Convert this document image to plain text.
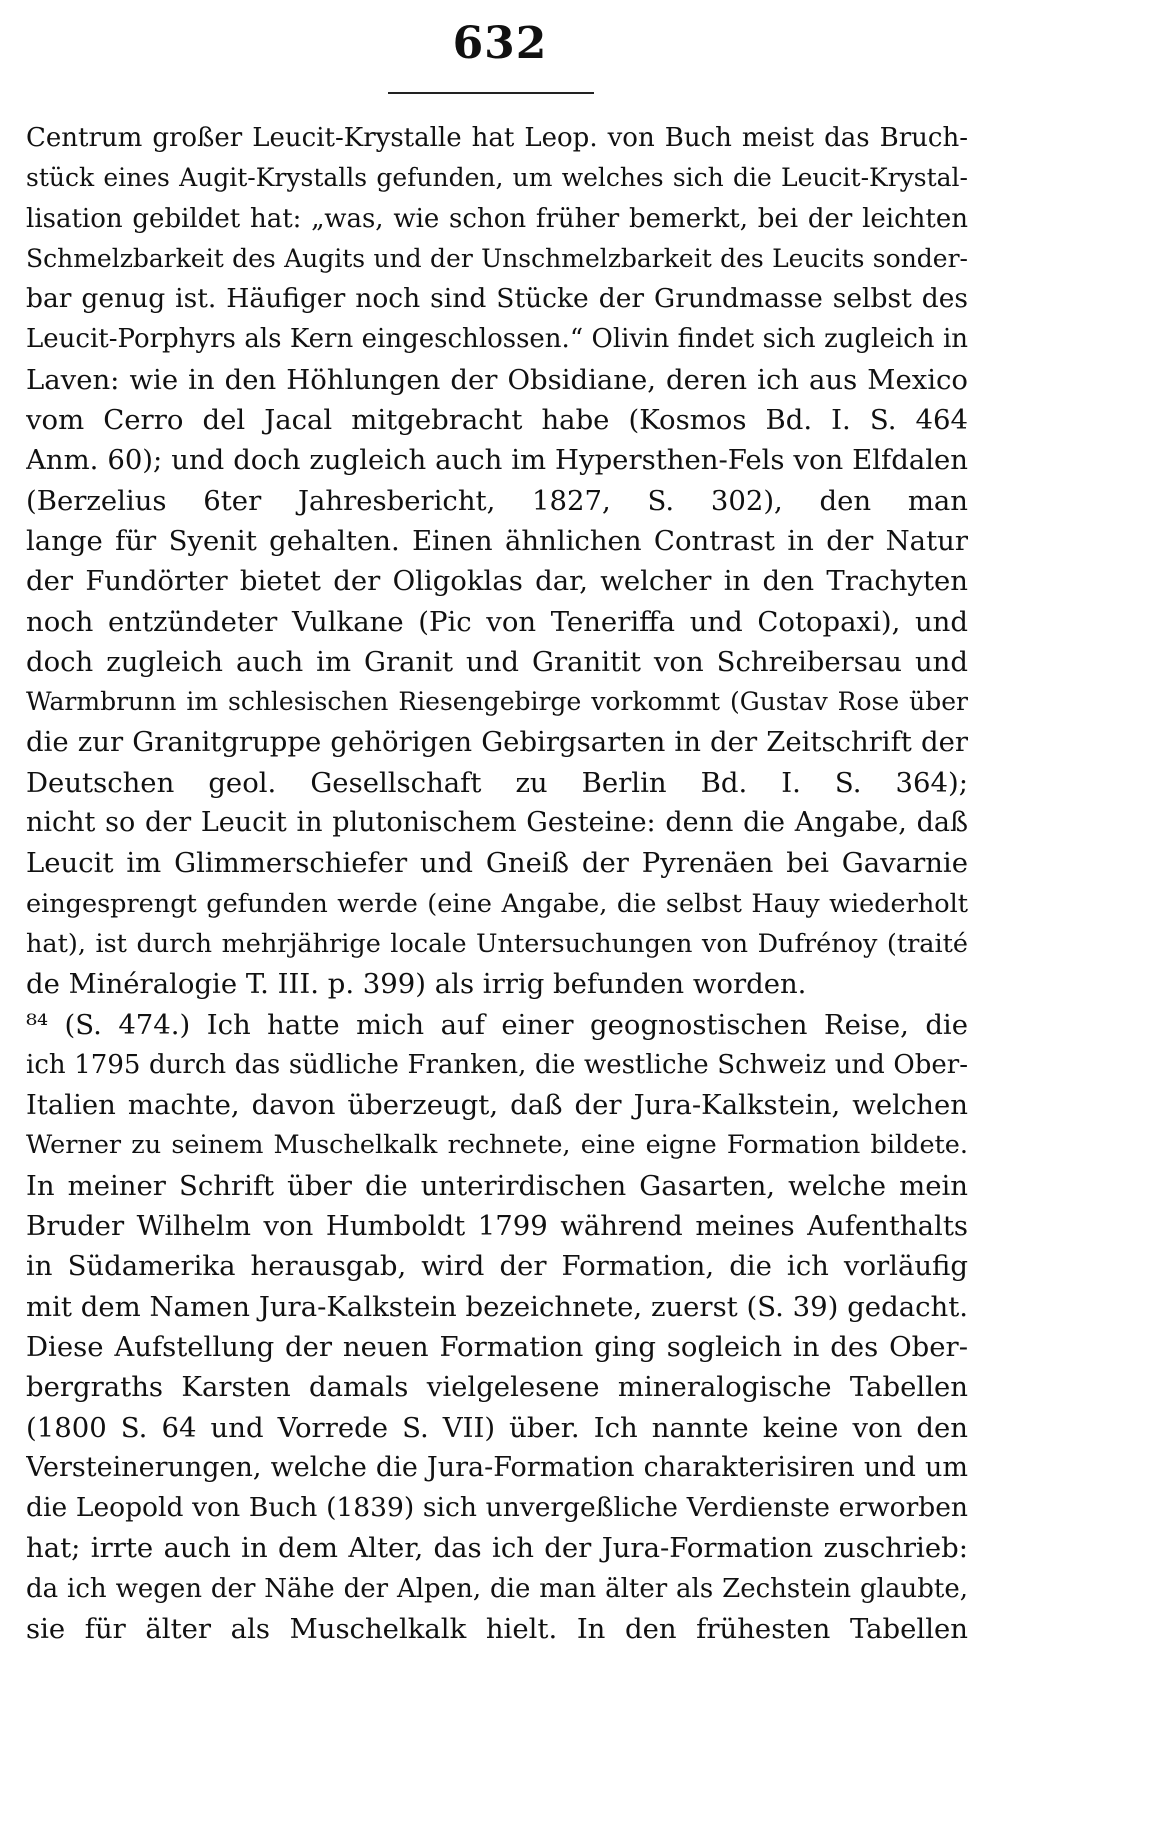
632
Centrum großer Leucit-Krystalle hat Leop. von Buch meist das Bruch-
stück eines Augit-Krystalls gefunden, um welches sich die Leucit-Krystal-
lisation gebildet hat: „was, wie schon früher bemerkt, bei der leichten
Schmelzbarkeit des Augits und der Unschmelzbarkeit des Leucits sonder-
bar genug ist. Häufiger noch sind Stücke der Grundmasse selbst des
Leucit-Porphyrs als Kern eingeschlossen.“ Olivin findet sich zugleich in
Laven: wie in den Höhlungen der Obsidiane, deren ich aus Mexico
vom Cerro del Jacal mitgebracht habe (Kosmos Bd. I. S. 464
Anm. 60); und doch zugleich auch im Hypersthen-Fels von Elfdalen
(Berzelius 6ter Jahresbericht, 1827, S. 302), den man
lange für Syenit gehalten. Einen ähnlichen Contrast in der Natur
der Fundörter bietet der Oligoklas dar, welcher in den Trachyten
noch entzündeter Vulkane (Pic von Teneriffa und Cotopaxi), und
doch zugleich auch im Granit und Granitit von Schreibersau und
Warmbrunn im schlesischen Riesengebirge vorkommt (Gustav Rose über
die zur Granitgruppe gehörigen Gebirgsarten in der Zeitschrift der
Deutschen geol. Gesellschaft zu Berlin Bd. I. S. 364);
nicht so der Leucit in plutonischem Gesteine: denn die Angabe, daß
Leucit im Glimmerschiefer und Gneiß der Pyrenäen bei Gavarnie
eingesprengt gefunden werde (eine Angabe, die selbst Hauy wiederholt
hat), ist durch mehrjährige locale Untersuchungen von Dufrénoy (traité
de Minéralogie T. III. p. 399) als irrig befunden worden.
⁸⁴ (S. 474.) Ich hatte mich auf einer geognostischen Reise, die
ich 1795 durch das südliche Franken, die westliche Schweiz und Ober-
Italien machte, davon überzeugt, daß der Jura-Kalkstein, welchen
Werner zu seinem Muschelkalk rechnete, eine eigne Formation bildete.
In meiner Schrift über die unterirdischen Gasarten, welche mein
Bruder Wilhelm von Humboldt 1799 während meines Aufenthalts
in Südamerika herausgab, wird der Formation, die ich vorläufig
mit dem Namen Jura-Kalkstein bezeichnete, zuerst (S. 39) gedacht.
Diese Aufstellung der neuen Formation ging sogleich in des Ober-
bergraths Karsten damals vielgelesene mineralogische Tabellen
(1800 S. 64 und Vorrede S. VII) über. Ich nannte keine von den
Versteinerungen, welche die Jura-Formation charakterisiren und um
die Leopold von Buch (1839) sich unvergeßliche Verdienste erworben
hat; irrte auch in dem Alter, das ich der Jura-Formation zuschrieb:
da ich wegen der Nähe der Alpen, die man älter als Zechstein glaubte,
sie für älter als Muschelkalk hielt. In den frühesten Tabellen
